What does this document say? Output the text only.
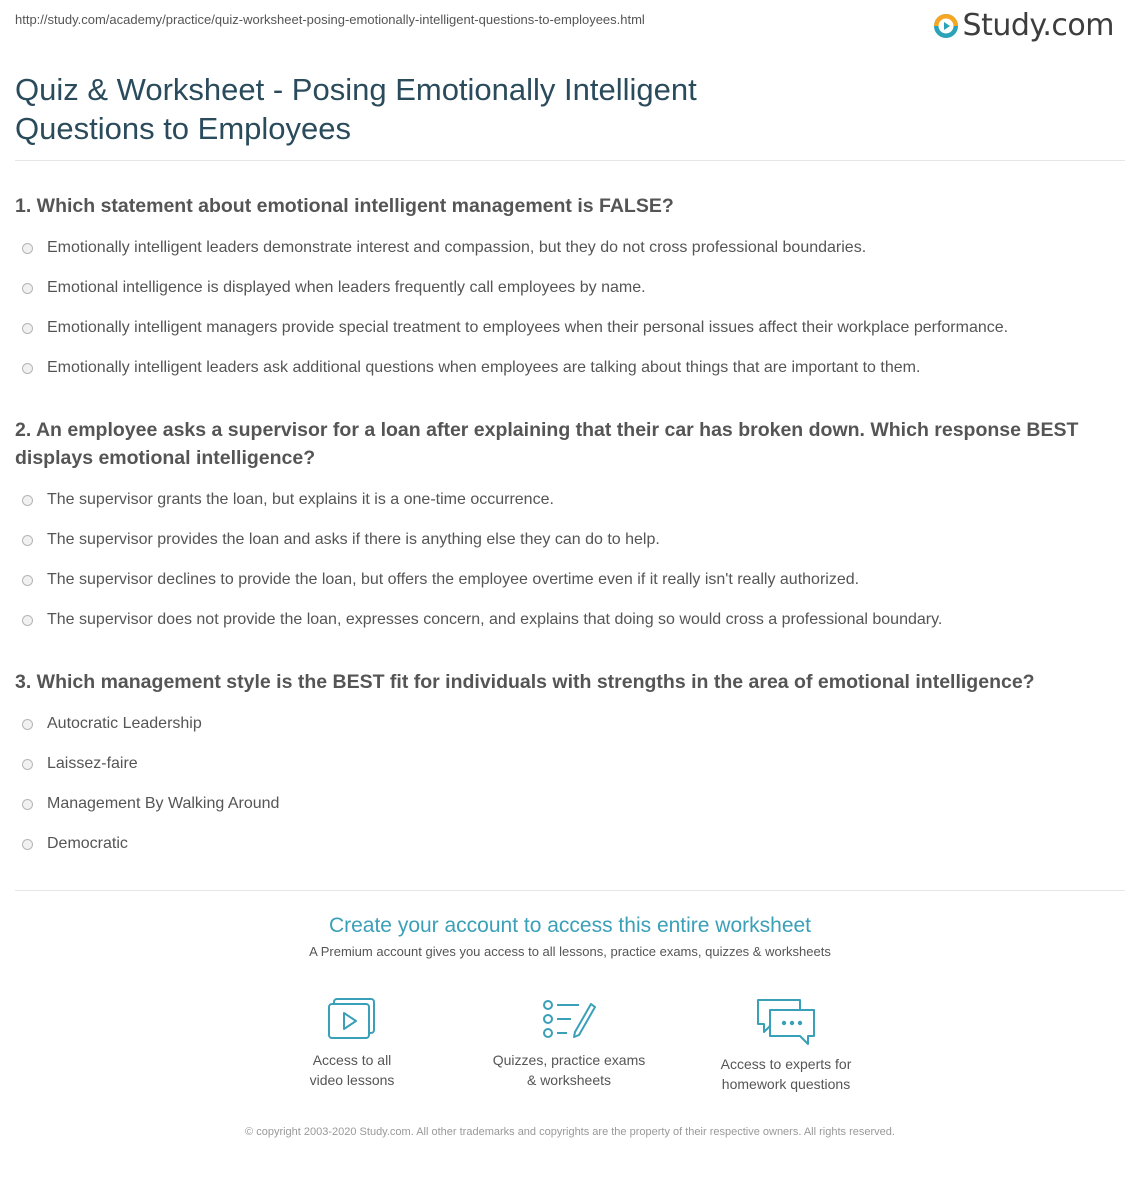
http://study.com/academy/practice/quiz-worksheet-posing-emotionally-intelligent-questions-to-employees.html	Study.com
Quiz & Worksheet - Posing Emotionally Intelligent Questions to Employees
1. Which statement about emotional intelligent management is FALSE?
Emotionally intelligent leaders demonstrate interest and compassion, but they do not cross professional boundaries.
Emotional intelligence is displayed when leaders frequently call employees by name.
Emotionally intelligent managers provide special treatment to employees when their personal issues affect their workplace performance.
Emotionally intelligent leaders ask additional questions when employees are talking about things that are important to them.
2. An employee asks a supervisor for a loan after explaining that their car has broken down. Which response BEST displays emotional intelligence?
The supervisor grants the loan, but explains it is a one-time occurrence.
The supervisor provides the loan and asks if there is anything else they can do to help.
The supervisor declines to provide the loan, but offers the employee overtime even if it really isn't really authorized.
The supervisor does not provide the loan, expresses concern, and explains that doing so would cross a professional boundary.
3. Which management style is the BEST fit for individuals with strengths in the area of emotional intelligence?
Autocratic Leadership
Laissez-faire
Management By Walking Around
Democratic
Create your account to access this entire worksheet
A Premium account gives you access to all lessons, practice exams, quizzes & worksheets
Access to all
video lessons
Quizzes, practice exams
& worksheets
Access to experts for
homework questions
© copyright 2003-2020 Study.com. All other trademarks and copyrights are the property of their respective owners. All rights reserved.
